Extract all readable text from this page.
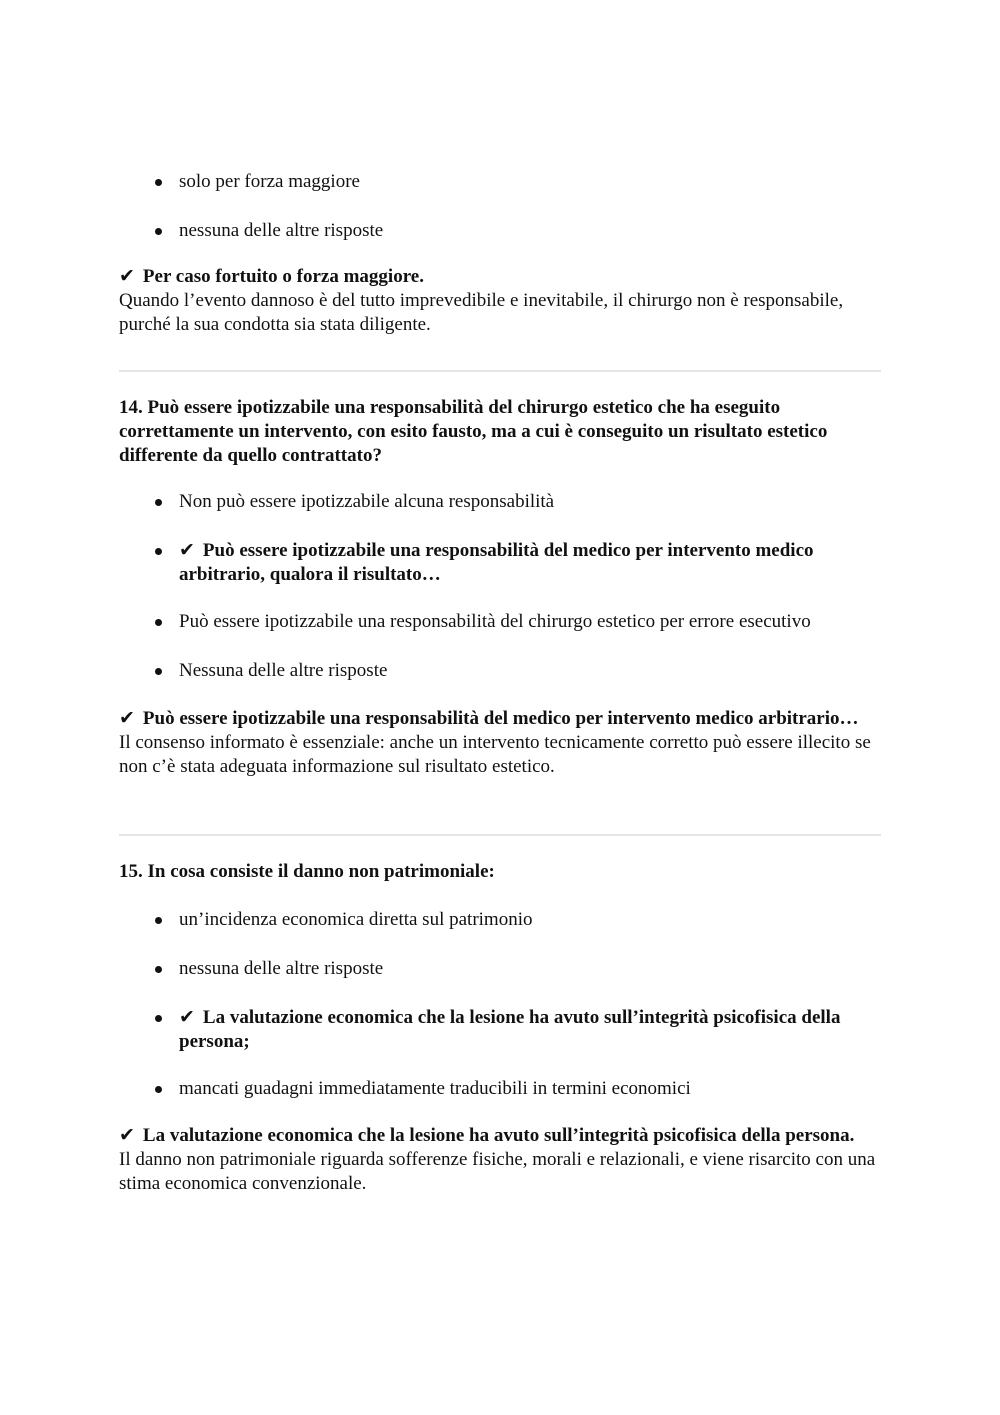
solo per forza maggiore
nessuna delle altre risposte
✔ Per caso fortuito o forza maggiore.
Quando l’evento dannoso è del tutto imprevedibile e inevitabile, il chirurgo non è responsabile, purché la sua condotta sia stata diligente.
14. Può essere ipotizzabile una responsabilità del chirurgo estetico che ha eseguito correttamente un intervento, con esito fausto, ma a cui è conseguito un risultato estetico differente da quello contrattato?
Non può essere ipotizzabile alcuna responsabilità
✔ Può essere ipotizzabile una responsabilità del medico per intervento medico arbitrario, qualora il risultato…
Può essere ipotizzabile una responsabilità del chirurgo estetico per errore esecutivo
Nessuna delle altre risposte
✔ Può essere ipotizzabile una responsabilità del medico per intervento medico arbitrario…
Il consenso informato è essenziale: anche un intervento tecnicamente corretto può essere illecito se non c’è stata adeguata informazione sul risultato estetico.
15. In cosa consiste il danno non patrimoniale:
un’incidenza economica diretta sul patrimonio
nessuna delle altre risposte
✔ La valutazione economica che la lesione ha avuto sull’integrità psicofisica della persona;
mancati guadagni immediatamente traducibili in termini economici
✔ La valutazione economica che la lesione ha avuto sull’integrità psicofisica della persona.
Il danno non patrimoniale riguarda sofferenze fisiche, morali e relazionali, e viene risarcito con una stima economica convenzionale.
